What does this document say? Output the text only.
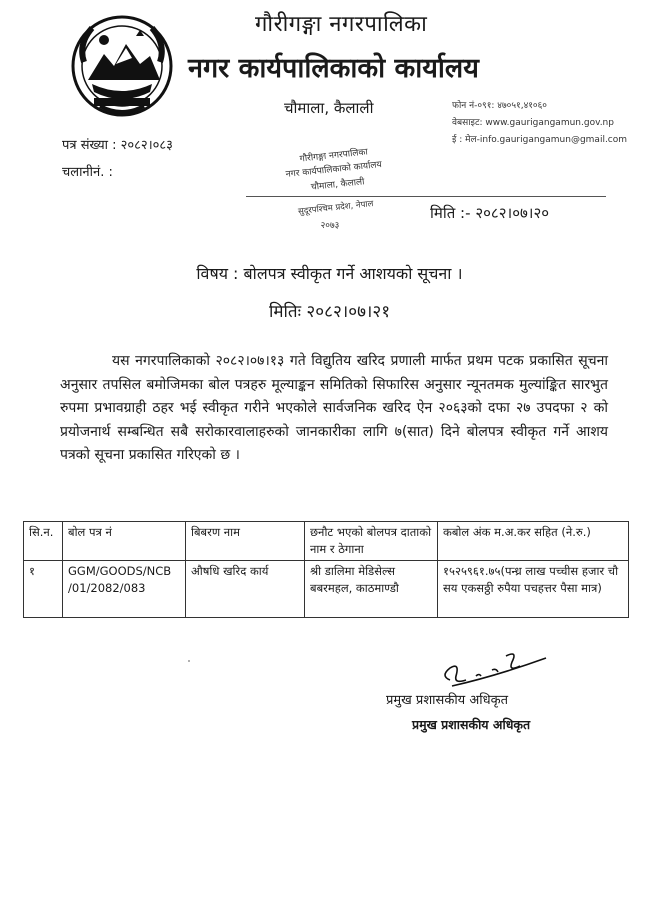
गौरीगङ्गा नगरपालिका
नगर कार्यपालिकाको कार्यालय
चौमाला, कैलाली	फोन नं-०९१: ४७०५१,४१०६०
वेबसाइट: www.gaurigangamun.gov.np
ई : मेल-info.gaurigangamun@gmail.com
पत्र संख्या : २०८२।०८३
चलानीनं. :
गौरीगङ्गा नगरपालिका
नगर कार्यपालिकाको कार्यालय
चौमाला, कैलाली
सुदूरपश्चिम प्रदेश, नेपाल
२०७३
मिति :- २०८२।०७।२०
विषय : बोलपत्र स्वीकृत गर्ने आशयको सूचना ।
मितिः २०८२।०७।२१
यस नगरपालिकाको २०८२।०७।१३ गते विद्युतिय खरिद प्रणाली मार्फत प्रथम पटक प्रकासित सूचना अनुसार तपसिल बमोजिमका बोल पत्रहरु मूल्याङ्कन समितिको सिफारिस अनुसार न्यूनतमक मुल्यांङ्कित सारभुत रुपमा प्रभावग्राही ठहर भई स्वीकृत गरीने भएकोले सार्वजनिक खरिद ऐन २०६३को दफा २७ उपदफा २ को प्रयोजनार्थ सम्बन्धित सबै सरोकारवालाहरुको जानकारीका लागि ७(सात) दिने बोलपत्र स्वीकृत गर्ने आशय पत्रको सूचना प्रकासित गरिएको छ ।
सि.न.	बोल पत्र नं	बिबरण नाम	छनौट भएको बोलपत्र दाताको नाम र ठेगाना	कबोल अंक म.अ.कर सहित (ने.रु.)
१	GGM/GOODS/NCB /01/2082/083	औषधि खरिद कार्य	श्री डालिमा मेडिसेल्स बबरमहल, काठमाण्डौ	१५२५९६१.७५(पन्ध्र लाख पच्चीस हजार चौ सय एकसठ्ठी रुपैया पचहत्तर पैसा मात्र)
प्रमुख प्रशासकीय अधिकृत
प्रमुख प्रशासकीय अधिकृत
